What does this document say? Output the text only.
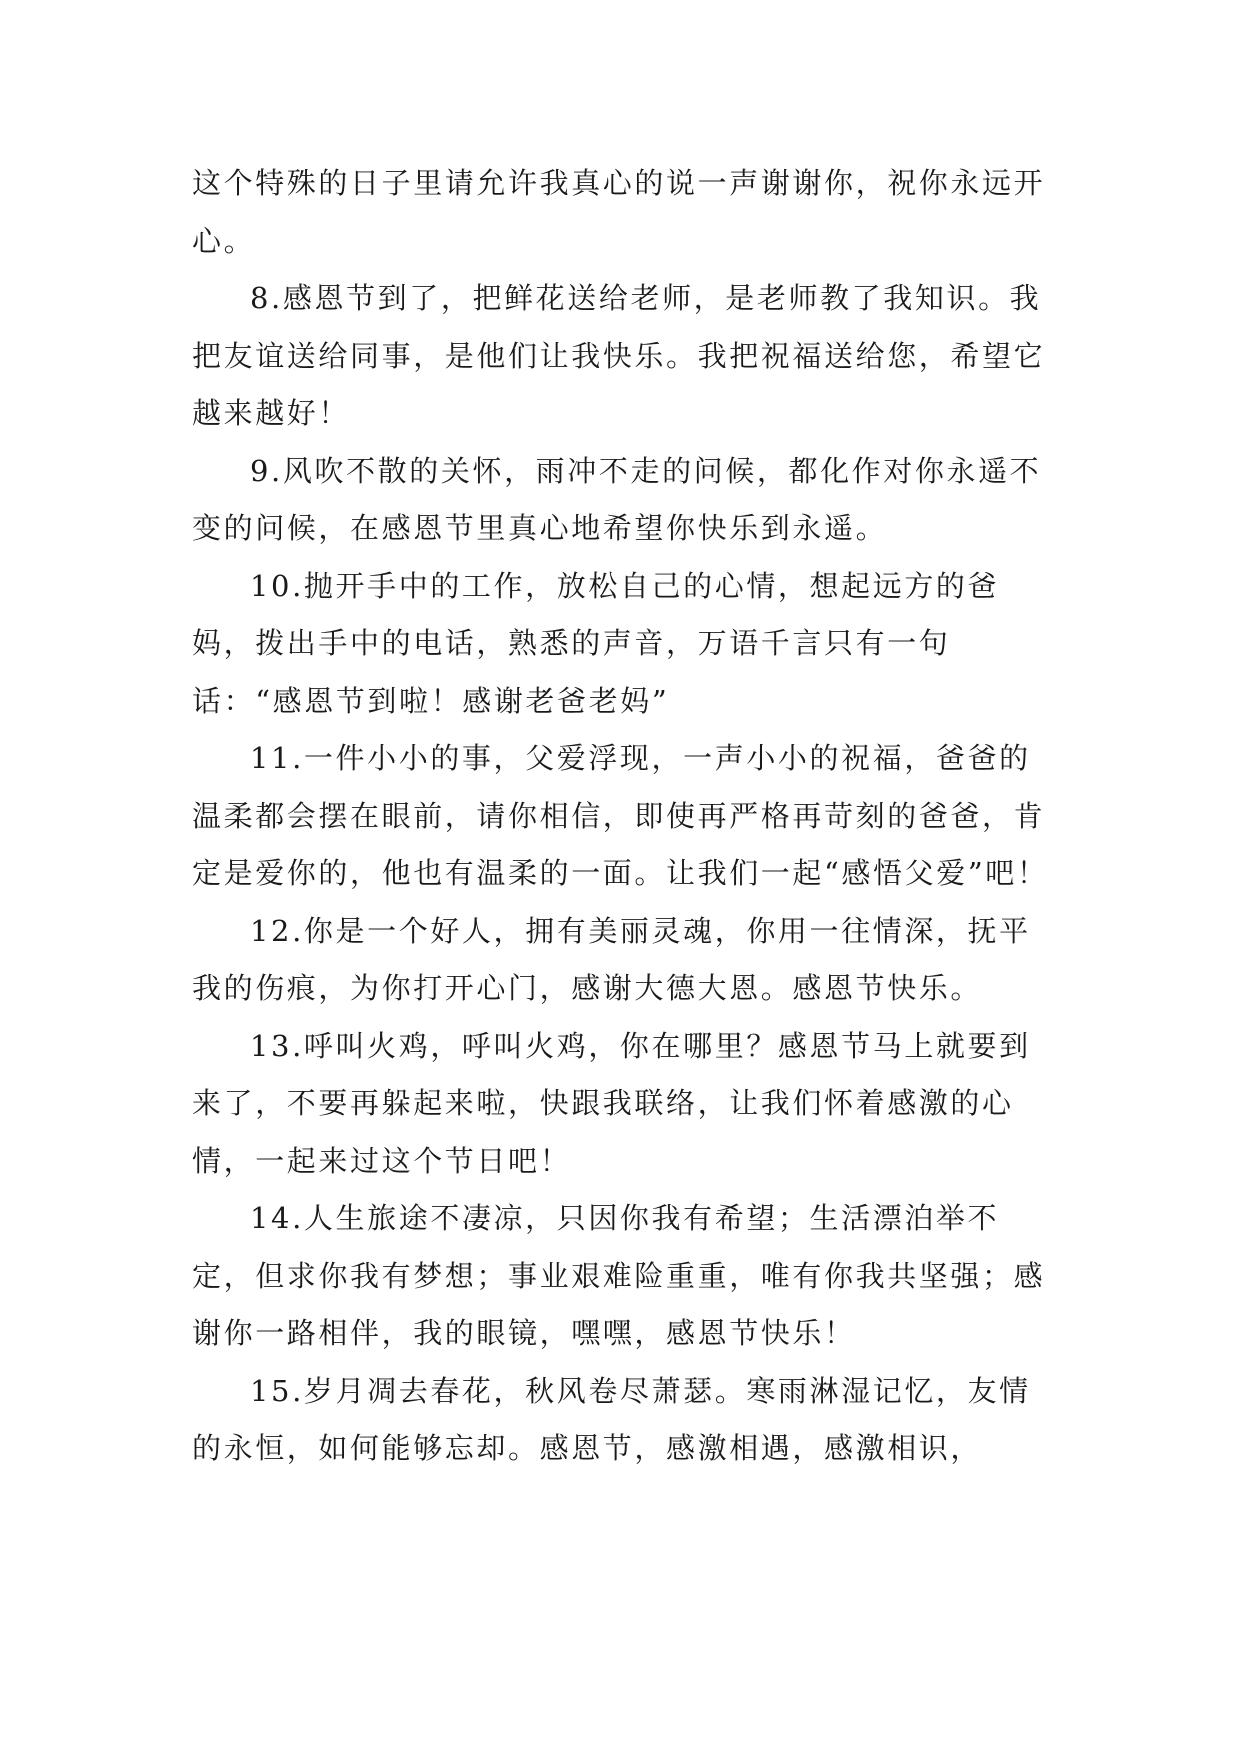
这个特殊的日子里请允许我真心的说一声谢谢你，祝你永远开心。

8.感恩节到了，把鲜花送给老师，是老师教了我知识。我把友谊送给同事，是他们让我快乐。我把祝福送给您，希望它越来越好！

9.风吹不散的关怀，雨冲不走的问候，都化作对你永遥不变的问候，在感恩节里真心地希望你快乐到永遥。

10.抛开手中的工作，放松自己的心情，想起远方的爸妈，拨出手中的电话，熟悉的声音，万语千言只有一句话：“感恩节到啦！感谢老爸老妈”

11.一件小小的事，父爱浮现，一声小小的祝福，爸爸的温柔都会摆在眼前，请你相信，即使再严格再苛刻的爸爸，肯定是爱你的，他也有温柔的一面。让我们一起“感悟父爱”吧！

12.你是一个好人，拥有美丽灵魂，你用一往情深，抚平我的伤痕，为你打开心门，感谢大德大恩。感恩节快乐。

13.呼叫火鸡，呼叫火鸡，你在哪里？感恩节马上就要到来了，不要再躲起来啦，快跟我联络，让我们怀着感激的心情，一起来过这个节日吧！

14.人生旅途不凄凉，只因你我有希望；生活漂泊举不定，但求你我有梦想；事业艰难险重重，唯有你我共坚强；感谢你一路相伴，我的眼镜，嘿嘿，感恩节快乐！

15.岁月凋去春花，秋风卷尽萧瑟。寒雨淋湿记忆，友情的永恒，如何能够忘却。感恩节，感激相遇，感激相识，
